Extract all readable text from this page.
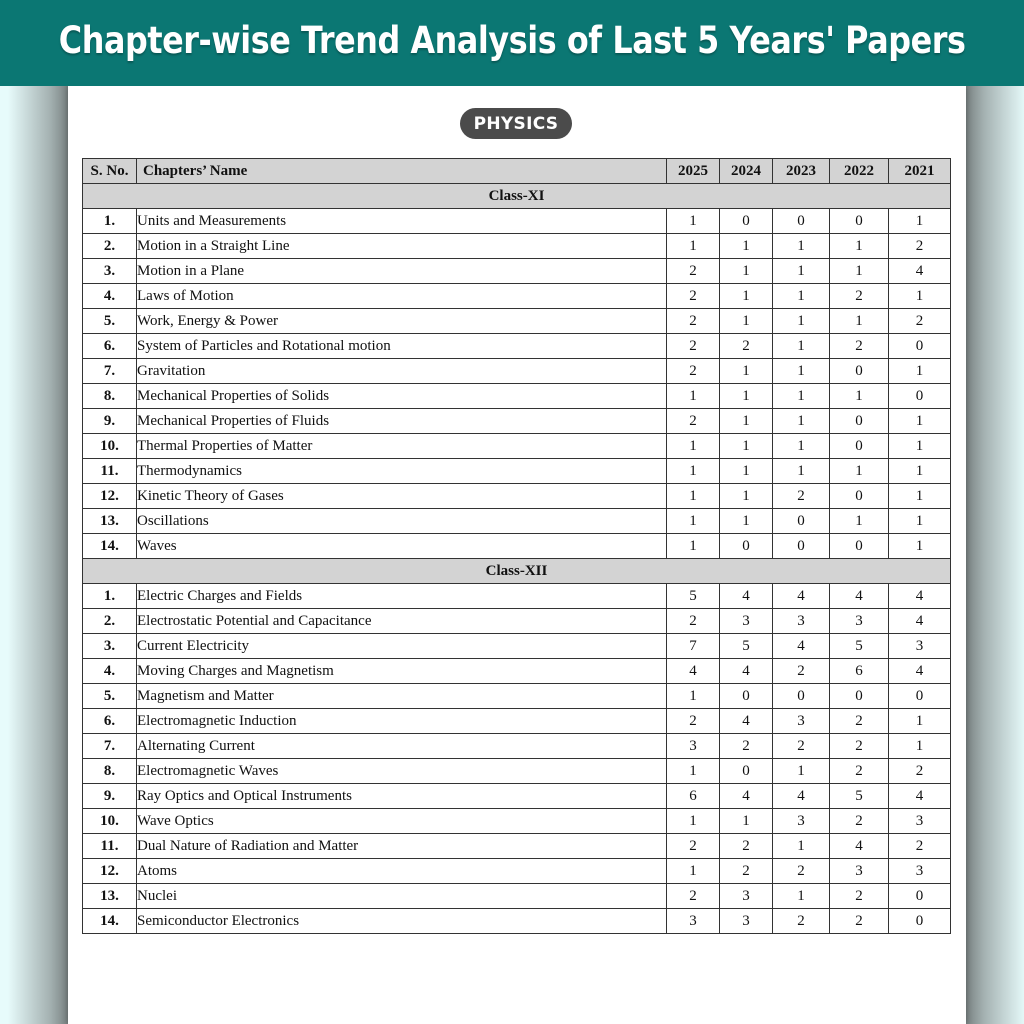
Chapter-wise Trend Analysis of Last 5 Years' Papers
PHYSICS
S. No.	Chapters’ Name	2025	2024	2023	2022	2021
Class-XI						
1.	Units and Measurements	1	0	0	0	1
2.	Motion in a Straight Line	1	1	1	1	2
3.	Motion in a Plane	2	1	1	1	4
4.	Laws of Motion	2	1	1	2	1
5.	Work, Energy & Power	2	1	1	1	2
6.	System of Particles and Rotational motion	2	2	1	2	0
7.	Gravitation	2	1	1	0	1
8.	Mechanical Properties of Solids	1	1	1	1	0
9.	Mechanical Properties of Fluids	2	1	1	0	1
10.	Thermal Properties of Matter	1	1	1	0	1
11.	Thermodynamics	1	1	1	1	1
12.	Kinetic Theory of Gases	1	1	2	0	1
13.	Oscillations	1	1	0	1	1
14.	Waves	1	0	0	0	1
Class-XII						
1.	Electric Charges and Fields	5	4	4	4	4
2.	Electrostatic Potential and Capacitance	2	3	3	3	4
3.	Current Electricity	7	5	4	5	3
4.	Moving Charges and Magnetism	4	4	2	6	4
5.	Magnetism and Matter	1	0	0	0	0
6.	Electromagnetic Induction	2	4	3	2	1
7.	Alternating Current	3	2	2	2	1
8.	Electromagnetic Waves	1	0	1	2	2
9.	Ray Optics and Optical Instruments	6	4	4	5	4
10.	Wave Optics	1	1	3	2	3
11.	Dual Nature of Radiation and Matter	2	2	1	4	2
12.	Atoms	1	2	2	3	3
13.	Nuclei	2	3	1	2	0
14.	Semiconductor Electronics	3	3	2	2	0
